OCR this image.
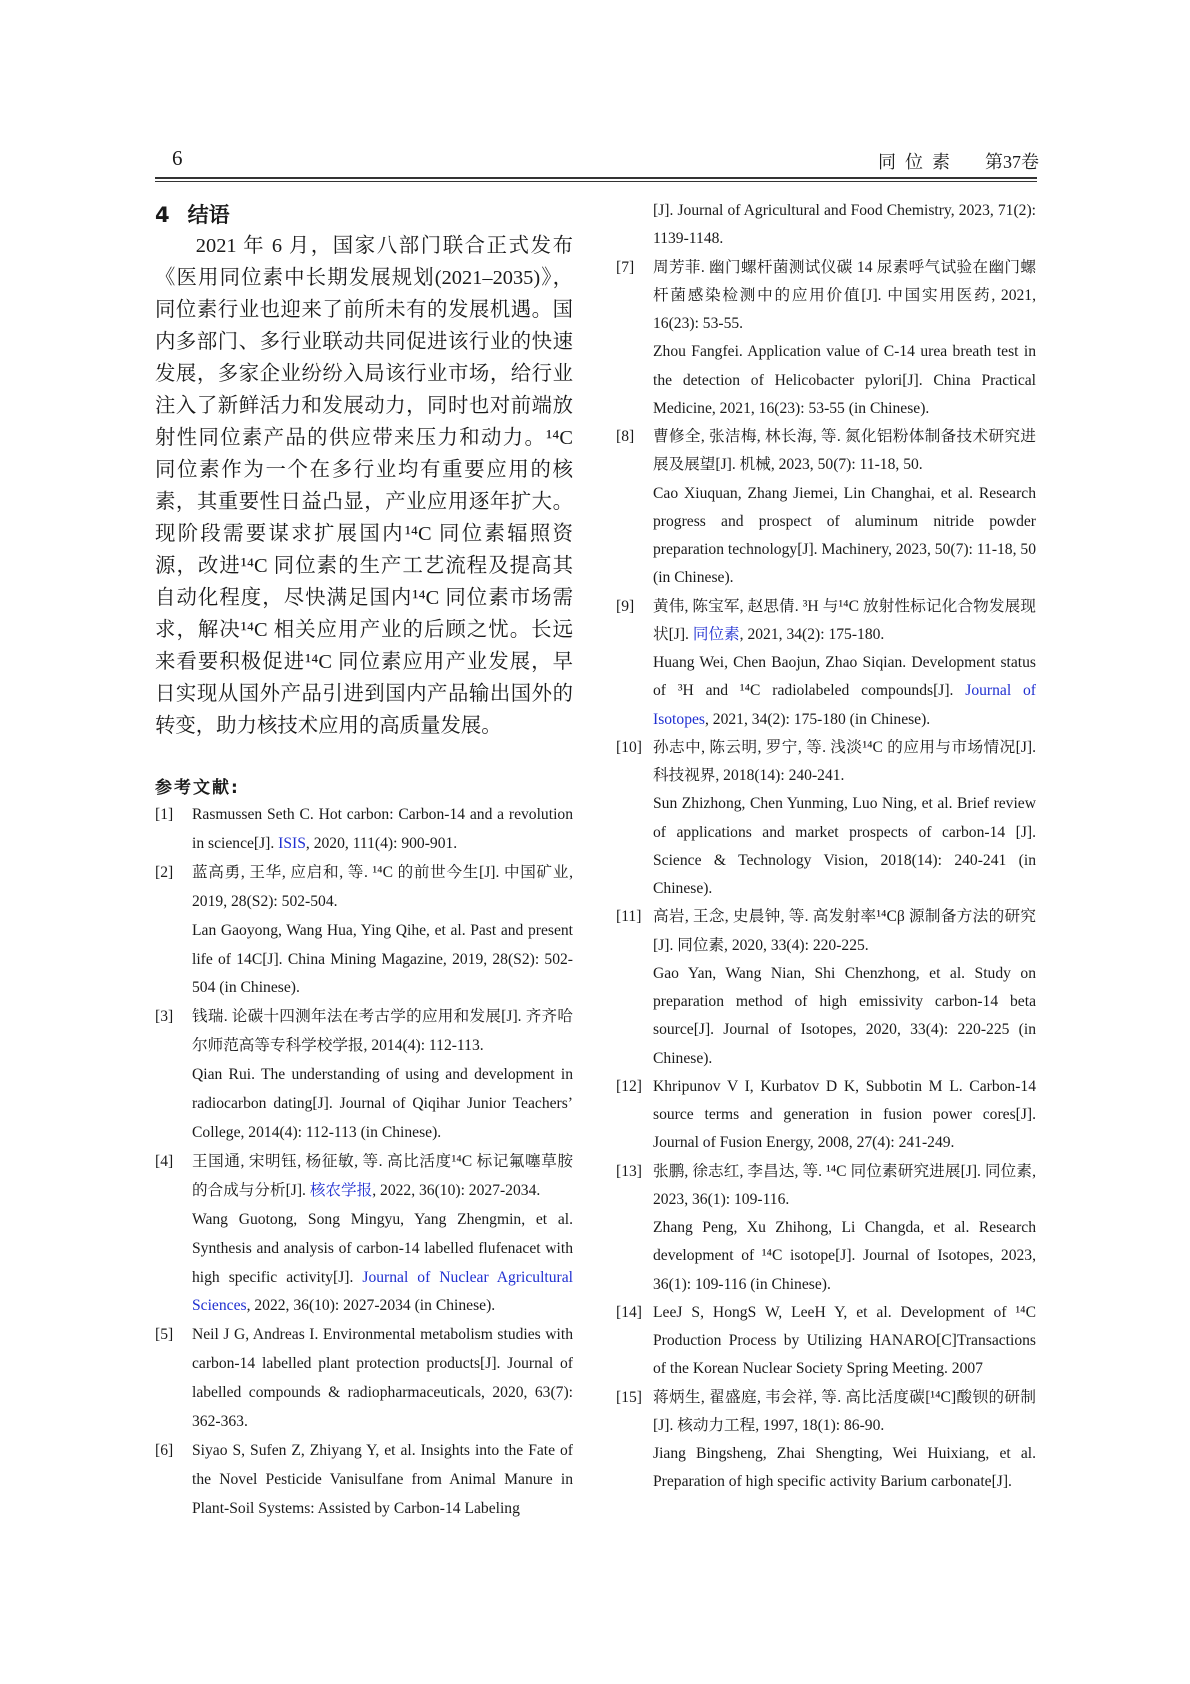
6	同位素 第37卷
4 结语
2021 年 6 月，国家八部门联合正式发布《医用同位素中长期发展规划(2021–2035)》，同位素行业也迎来了前所未有的发展机遇。国内多部门、多行业联动共同促进该行业的快速发展，多家企业纷纷入局该行业市场，给行业注入了新鲜活力和发展动力，同时也对前端放射性同位素产品的供应带来压力和动力。¹⁴C 同位素作为一个在多行业均有重要应用的核素，其重要性日益凸显，产业应用逐年扩大。现阶段需要谋求扩展国内¹⁴C 同位素辐照资源，改进¹⁴C 同位素的生产工艺流程及提高其自动化程度，尽快满足国内¹⁴C 同位素市场需求，解决¹⁴C 相关应用产业的后顾之忧。长远来看要积极促进¹⁴C 同位素应用产业发展，早日实现从国外产品引进到国内产品输出国外的转变，助力核技术应用的高质量发展。
参考文献:
[1]	Rasmussen Seth C. Hot carbon: Carbon-14 and a revolution in science[J]. ISIS, 2020, 111(4): 900-901.

[2]	蓝高勇, 王华, 应启和, 等. ¹⁴C 的前世今生[J]. 中国矿业, 2019, 28(S2): 502-504.

Lan Gaoyong, Wang Hua, Ying Qihe, et al. Past and present life of 14C[J]. China Mining Magazine, 2019, 28(S2): 502-504 (in Chinese).

[3]	钱瑞. 论碳十四测年法在考古学的应用和发展[J]. 齐齐哈尔师范高等专科学校学报, 2014(4): 112-113.

Qian Rui. The understanding of using and development in radiocarbon dating[J]. Journal of Qiqihar Junior Teachers’ College, 2014(4): 112-113 (in Chinese).

[4]	王国通, 宋明钰, 杨征敏, 等. 高比活度¹⁴C 标记氟噻草胺的合成与分析[J]. 核农学报, 2022, 36(10): 2027-2034.

Wang Guotong, Song Mingyu, Yang Zhengmin, et al. Synthesis and analysis of carbon-14 labelled flufenacet with high specific activity[J]. Journal of Nuclear Agricultural Sciences, 2022, 36(10): 2027-2034 (in Chinese).

[5]	Neil J G, Andreas I. Environmental metabolism studies with carbon-14 labelled plant protection products[J]. Journal of labelled compounds & radiopharmaceuticals, 2020, 63(7): 362-363.

[6]	Siyao S, Sufen Z, Zhiyang Y, et al. Insights into the Fate of the Novel Pesticide Vanisulfane from Animal Manure in Plant-Soil Systems: Assisted by Carbon-14 Labeling

[J]. Journal of Agricultural and Food Chemistry, 2023, 71(2): 1139-1148.

[7]	周芳菲. 幽门螺杆菌测试仪碳 14 尿素呼气试验在幽门螺杆菌感染检测中的应用价值[J]. 中国实用医药, 2021, 16(23): 53-55.

Zhou Fangfei. Application value of C-14 urea breath test in the detection of Helicobacter pylori[J]. China Practical Medicine, 2021, 16(23): 53-55 (in Chinese).

[8]	曹修全, 张洁梅, 林长海, 等. 氮化铝粉体制备技术研究进展及展望[J]. 机械, 2023, 50(7): 11-18, 50.

Cao Xiuquan, Zhang Jiemei, Lin Changhai, et al. Research progress and prospect of aluminum nitride powder preparation technology[J]. Machinery, 2023, 50(7): 11-18, 50 (in Chinese).

[9]	黄伟, 陈宝军, 赵思倩. ³H 与¹⁴C 放射性标记化合物发展现状[J]. 同位素, 2021, 34(2): 175-180.

Huang Wei, Chen Baojun, Zhao Siqian. Development status of ³H and ¹⁴C radiolabeled compounds[J]. Journal of Isotopes, 2021, 34(2): 175-180 (in Chinese).

[10] 孙志中, 陈云明, 罗宁, 等. 浅淡¹⁴C 的应用与市场情况[J]. 科技视界, 2018(14): 240-241.

Sun Zhizhong, Chen Yunming, Luo Ning, et al. Brief review of applications and market prospects of carbon-14 [J]. Science & Technology Vision, 2018(14): 240-241 (in Chinese).

[11] 高岩, 王念, 史晨钟, 等. 高发射率¹⁴Cβ 源制备方法的研究[J]. 同位素, 2020, 33(4): 220-225.

Gao Yan, Wang Nian, Shi Chenzhong, et al. Study on preparation method of high emissivity carbon-14 beta source[J]. Journal of Isotopes, 2020, 33(4): 220-225 (in Chinese).

[12] Khripunov V I, Kurbatov D K, Subbotin M L. Carbon-14 source terms and generation in fusion power cores[J]. Journal of Fusion Energy, 2008, 27(4): 241-249.

[13] 张鹏, 徐志红, 李昌达, 等. ¹⁴C 同位素研究进展[J]. 同位素, 2023, 36(1): 109-116.

Zhang Peng, Xu Zhihong, Li Changda, et al. Research development of ¹⁴C isotope[J]. Journal of Isotopes, 2023, 36(1): 109-116 (in Chinese).

[14] LeeJ S, HongS W, LeeH Y, et al. Development of ¹⁴C Production Process by Utilizing HANARO[C]Transactions of the Korean Nuclear Society Spring Meeting. 2007

[15] 蒋炳生, 翟盛庭, 韦会祥, 等. 高比活度碳[¹⁴C]酸钡的研制[J]. 核动力工程, 1997, 18(1): 86-90.

Jiang Bingsheng, Zhai Shengting, Wei Huixiang, et al. Preparation of high specific activity Barium carbonate[J].
